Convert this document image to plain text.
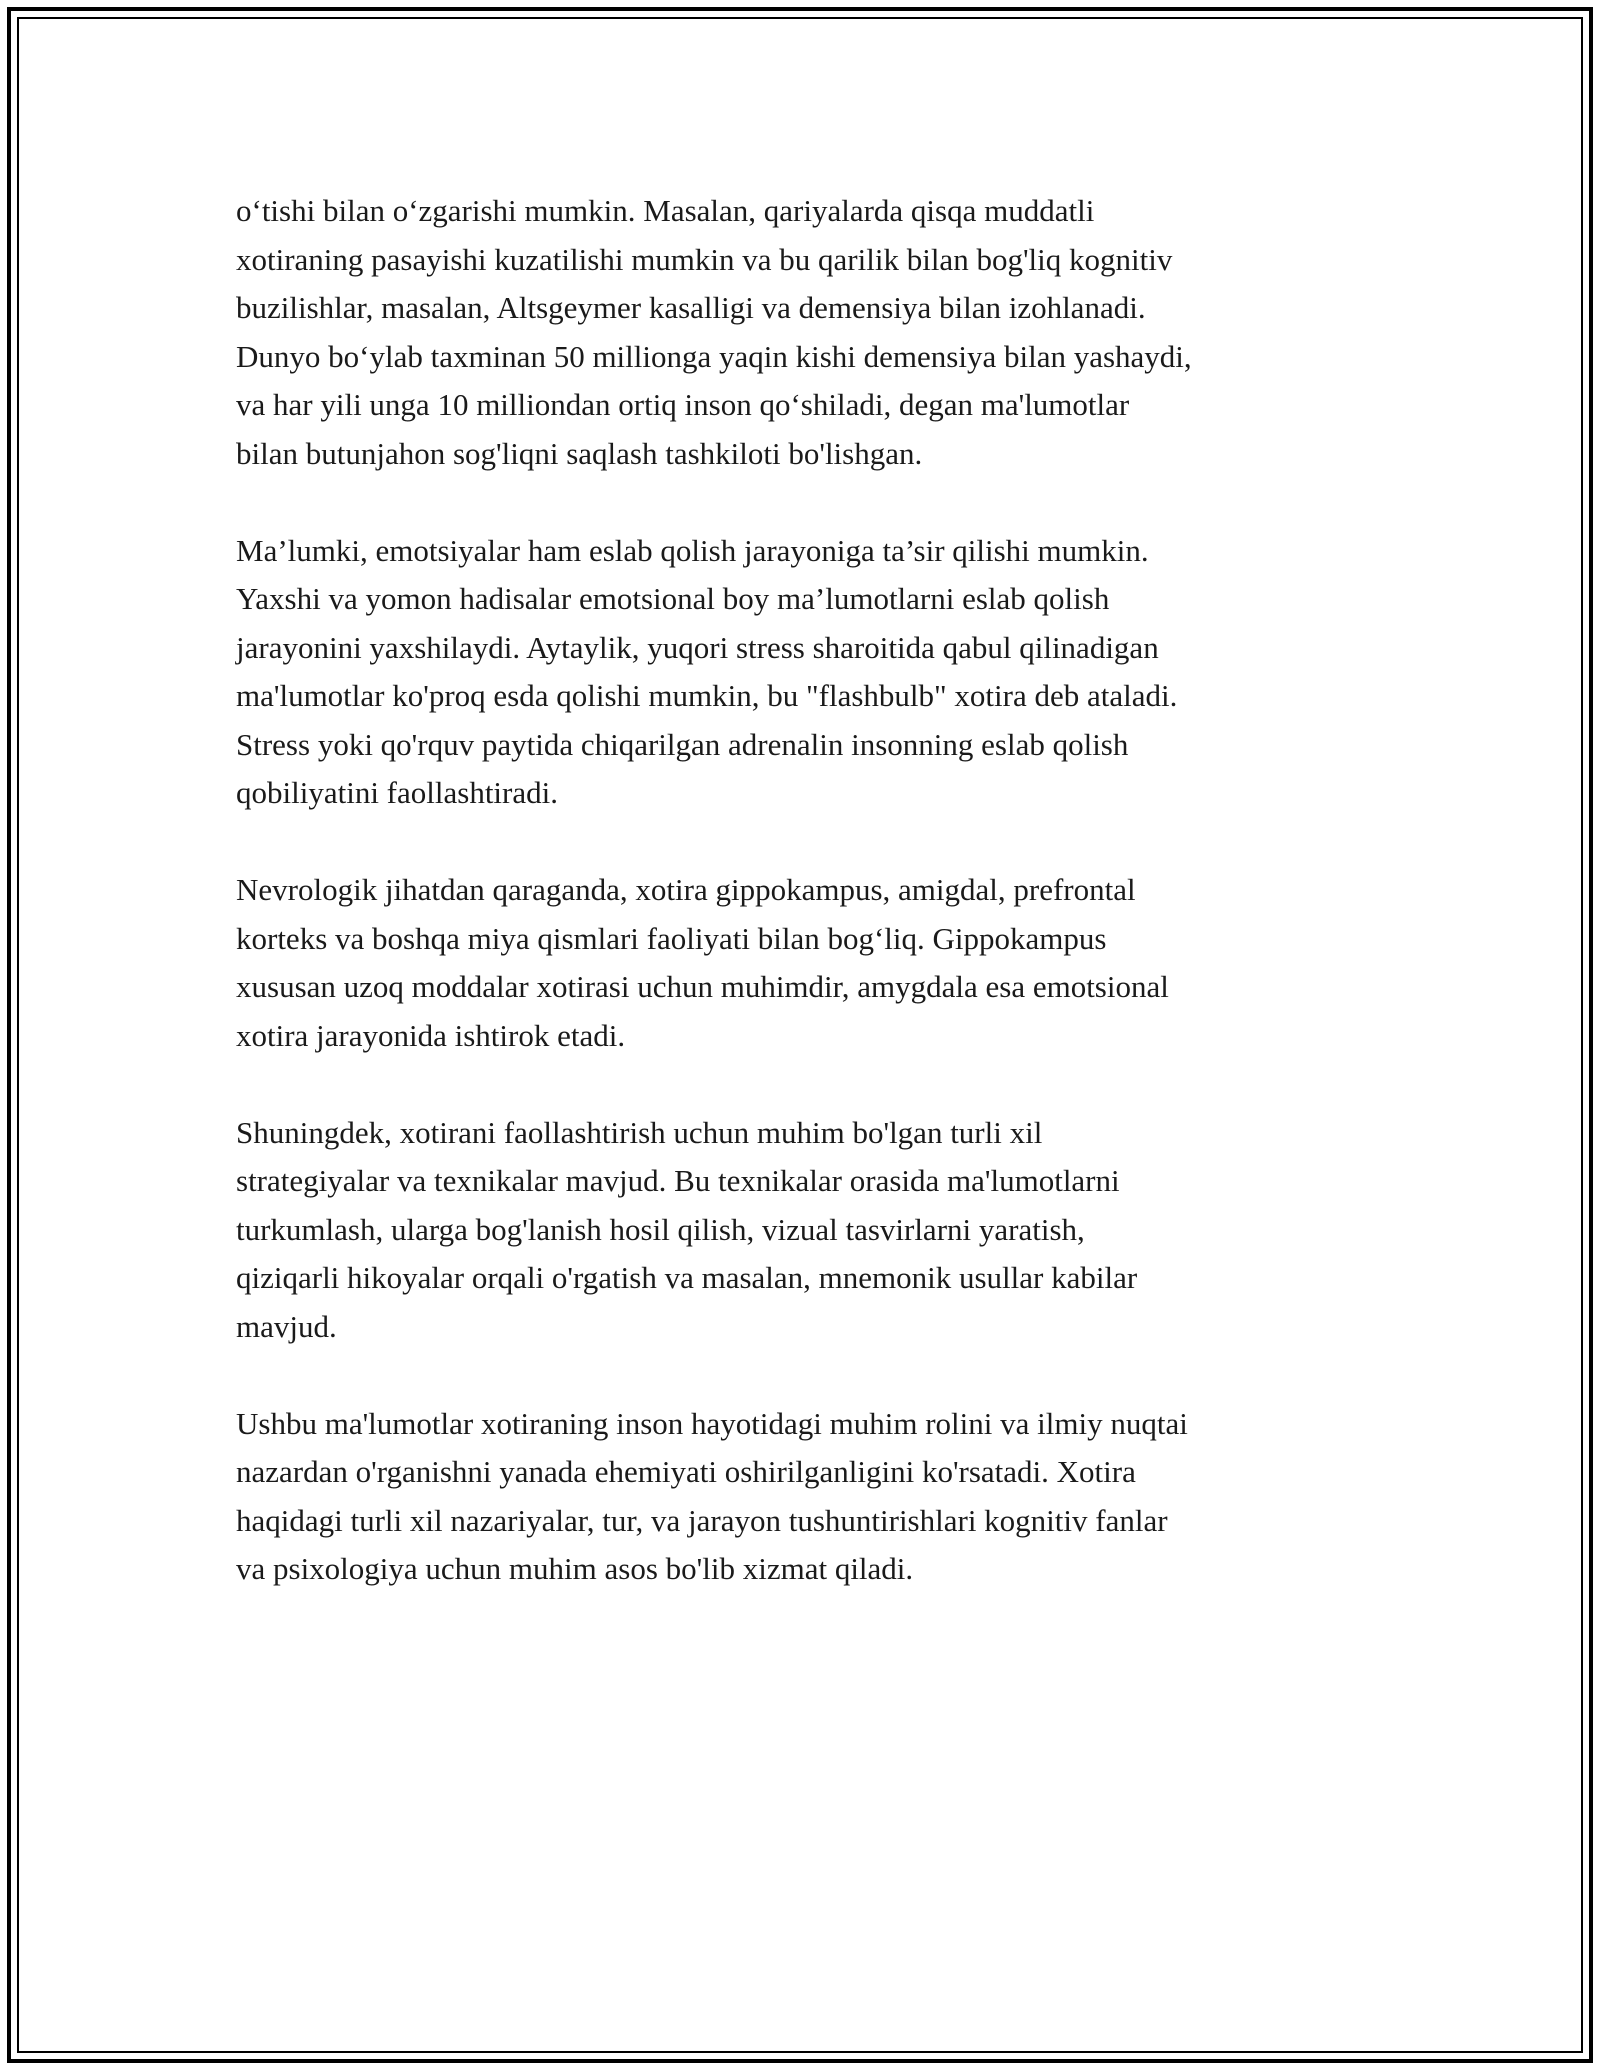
oʻtishi bilan oʻzgarishi mumkin. Masalan, qariyalarda qisqa muddatli
xotiraning pasayishi kuzatilishi mumkin va bu qarilik bilan bog'liq kognitiv
buzilishlar, masalan, Altsgeymer kasalligi va demensiya bilan izohlanadi.
Dunyo boʻylab taxminan 50 millionga yaqin kishi demensiya bilan yashaydi,
va har yili unga 10 milliondan ortiq inson qoʻshiladi, degan ma'lumotlar
bilan butunjahon sog'liqni saqlash tashkiloti bo'lishgan.

Ma’lumki, emotsiyalar ham eslab qolish jarayoniga ta’sir qilishi mumkin.
Yaxshi va yomon hadisalar emotsional boy ma’lumotlarni eslab qolish
jarayonini yaxshilaydi. Aytaylik, yuqori stress sharoitida qabul qilinadigan
ma'lumotlar ko'proq esda qolishi mumkin, bu "flashbulb" xotira deb ataladi.
Stress yoki qo'rquv paytida chiqarilgan adrenalin insonning eslab qolish
qobiliyatini faollashtiradi.

Nevrologik jihatdan qaraganda, xotira gippokampus, amigdal, prefrontal
korteks va boshqa miya qismlari faoliyati bilan bogʻliq. Gippokampus
xususan uzoq moddalar xotirasi uchun muhimdir, amygdala esa emotsional
xotira jarayonida ishtirok etadi.

Shuningdek, xotirani faollashtirish uchun muhim bo'lgan turli xil
strategiyalar va texnikalar mavjud. Bu texnikalar orasida ma'lumotlarni
turkumlash, ularga bog'lanish hosil qilish, vizual tasvirlarni yaratish,
qiziqarli hikoyalar orqali o'rgatish va masalan, mnemonik usullar kabilar
mavjud.

Ushbu ma'lumotlar xotiraning inson hayotidagi muhim rolini va ilmiy nuqtai
nazardan o'rganishni yanada ehemiyati oshirilganligini ko'rsatadi. Xotira
haqidagi turli xil nazariyalar, tur, va jarayon tushuntirishlari kognitiv fanlar
va psixologiya uchun muhim asos bo'lib xizmat qiladi.
